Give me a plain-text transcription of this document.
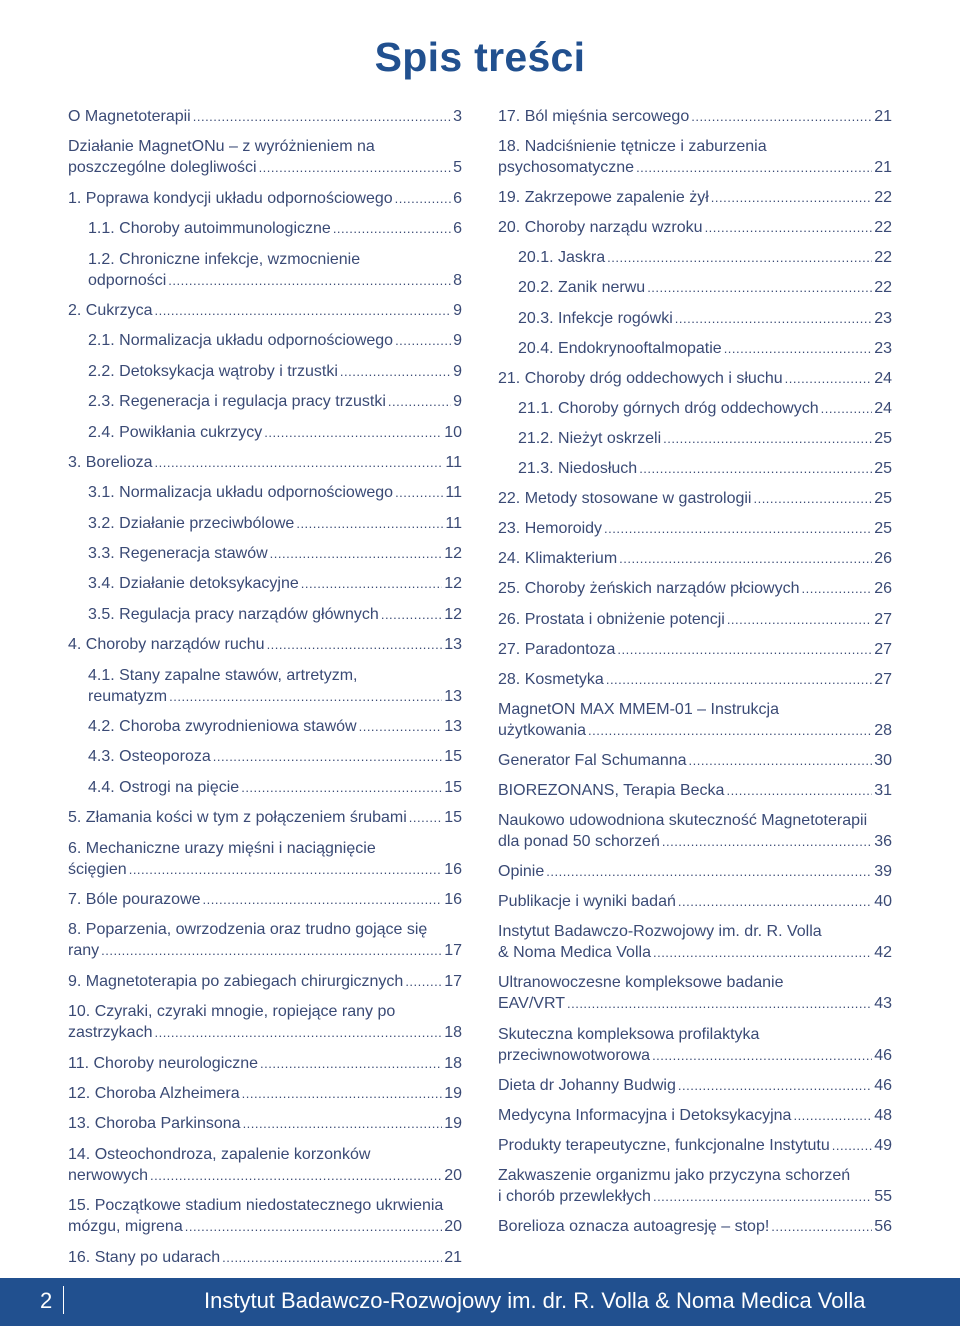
Spis treści
O Magnetoterapii .....	3
Działanie MagnetONu – z wyróżnieniem na
poszczególne dolegliwości .....	5
1. Poprawa kondycji układu odpornościowego .....	6
1.1. Choroby autoimmunologiczne .....	6
1.2. Chroniczne infekcje, wzmocnienie
odporności .....	8
2. Cukrzyca .....	9
2.1. Normalizacja układu odpornościowego .....	9
2.2. Detoksykacja wątroby i trzustki .....	9
2.3. Regeneracja i regulacja pracy trzustki .....	9
2.4. Powikłania cukrzycy .....	10
3. Borelioza .....	11
3.1. Normalizacja układu odpornościowego .....	11
3.2. Działanie przeciwbólowe .....	11
3.3. Regeneracja stawów .....	12
3.4. Działanie detoksykacyjne .....	12
3.5. Regulacja pracy narządów głównych .....	12
4. Choroby narządów ruchu .....	13
4.1. Stany zapalne stawów, artretyzm,
reumatyzm .....	13
4.2. Choroba zwyrodnieniowa stawów .....	13
4.3. Osteoporoza .....	15
4.4. Ostrogi na pięcie .....	15
5. Złamania kości w tym z połączeniem śrubami ..... 15
6. Mechaniczne urazy mięśni i naciągnięcie
ścięgien .....	16
7. Bóle pourazowe .....	16
8. Poparzenia, owrzodzenia oraz trudno gojące się
rany .....	17
9. Magnetoterapia po zabiegach chirurgicznych .....	17
10. Czyraki, czyraki mnogie, ropiejące rany po
zastrzykach .....	18
11. Choroby neurologiczne .....	18
12. Choroba Alzheimera .....	19
13. Choroba Parkinsona .....	19
14. Osteochondroza, zapalenie korzonków
nerwowych .....	20
15. Początkowe stadium niedostatecznego ukrwienia
mózgu, migrena .....	20
16. Stany po udarach .....	21
17. Ból mięśnia sercowego .....	21
18. Nadciśnienie tętnicze i zaburzenia
psychosomatyczne .....	21
19. Zakrzepowe zapalenie żył .....	22
20. Choroby narządu wzroku .....	22
20.1. Jaskra .....	22
20.2. Zanik nerwu .....	22
20.3. Infekcje rogówki .....	23
20.4. Endokrynooftalmopatie .....	23
21. Choroby dróg oddechowych i słuchu .....	24
21.1. Choroby górnych dróg oddechowych .....	24
21.2. Nieżyt oskrzeli .....	25
21.3. Niedosłuch .....	25
22. Metody stosowane w gastrologii .....	25
23. Hemoroidy .....	25
24. Klimakterium .....	26
25. Choroby żeńskich narządów płciowych .....	26
26. Prostata i obniżenie potencji .....	27
27. Paradontoza .....	27
28. Kosmetyka .....	27
MagnetON MAX MMEM-01 – Instrukcja
użytkowania .....	28
Generator Fal Schumanna .....	30
BIOREZONANS, Terapia Becka .....	31
Naukowo udowodniona skuteczność Magnetoterapii
dla ponad 50 schorzeń .....	36
Opinie .....	39
Publikacje i wyniki badań .....	40
Instytut Badawczo-Rozwojowy im. dr. R. Volla
& Noma Medica Volla .....	42
Ultranowoczesne kompleksowe badanie
EAV/VRT .....	43
Skuteczna kompleksowa profilaktyka
przeciwnowotworowa .....	46
Dieta dr Johanny Budwig .....	46
Medycyna Informacyjna i Detoksykacyjna .....	48
Produkty terapeutyczne, funkcjonalne Instytutu .....	49
Zakwaszenie organizmu jako przyczyna schorzeń
i chorób przewlekłych .....	55
Borelioza oznacza autoagresję – stop! .....	56
2	Instytut Badawczo-Rozwojowy im. dr. R. Volla & Noma Medica Volla
